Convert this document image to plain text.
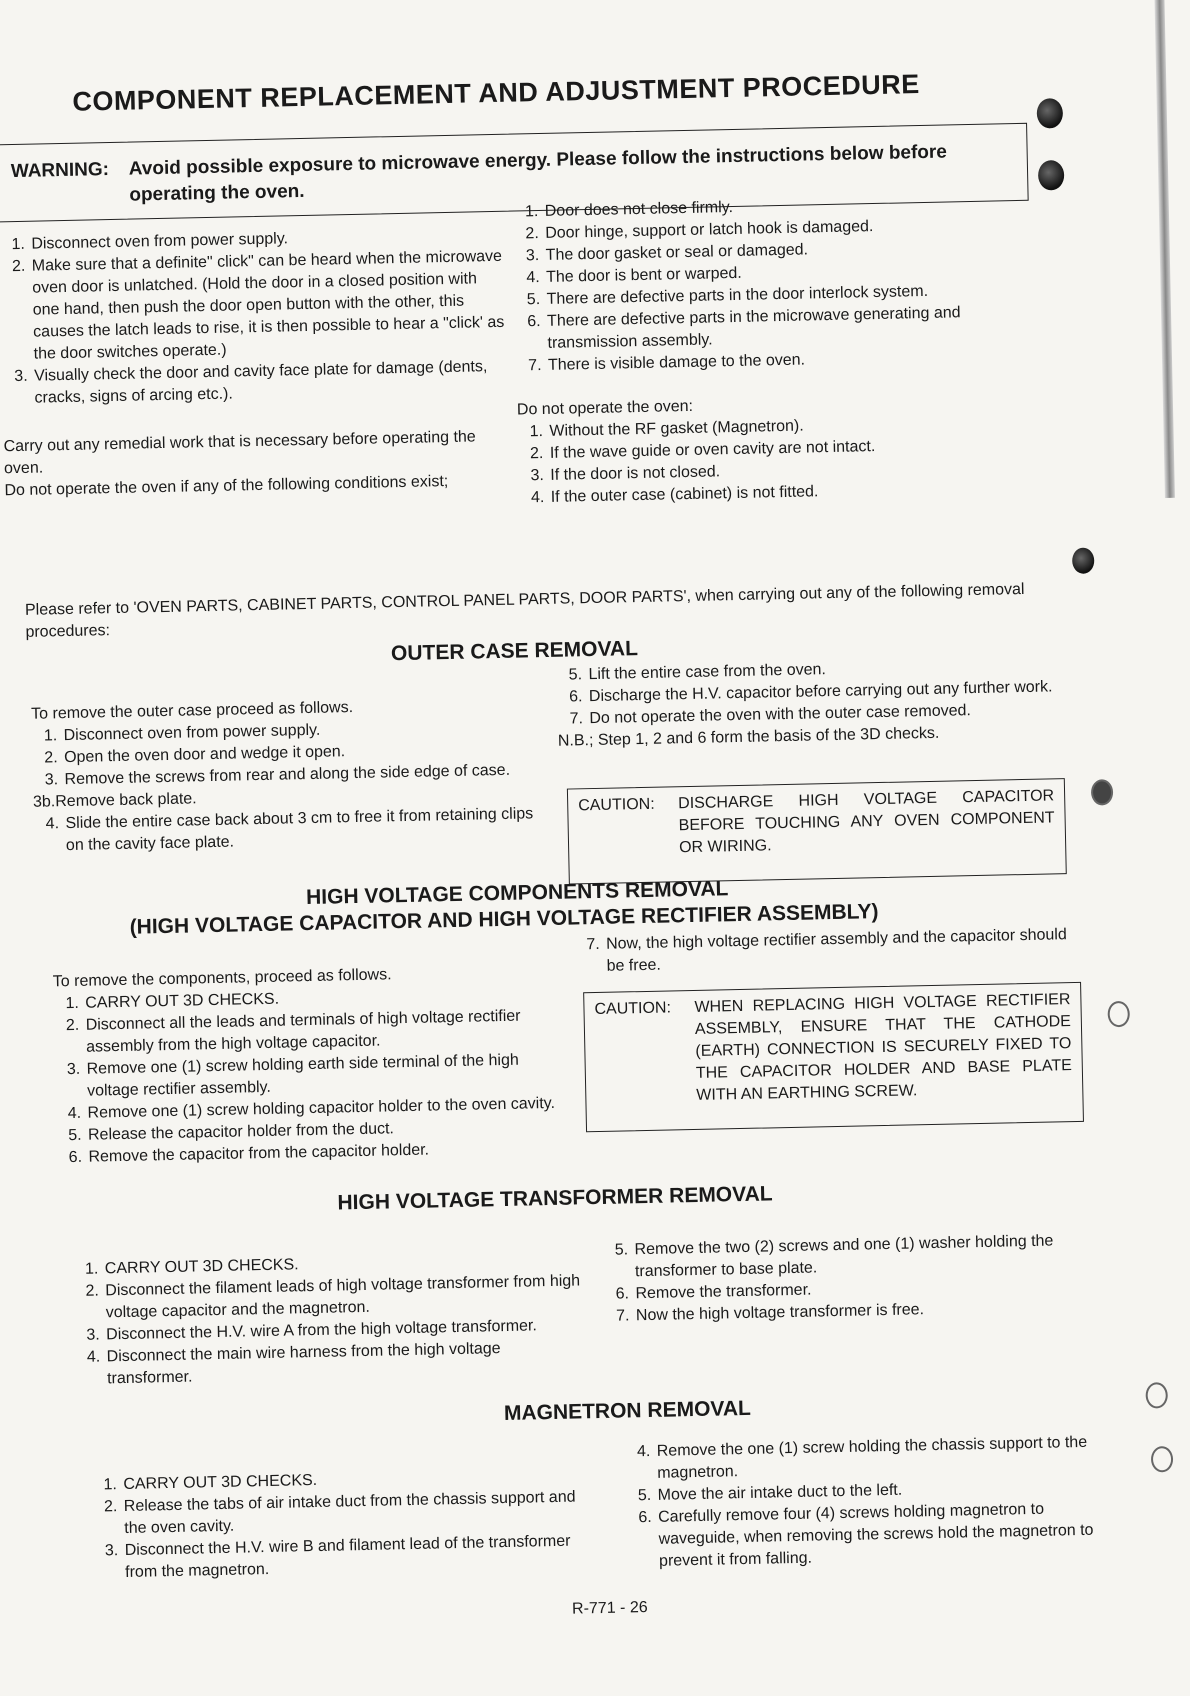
COMPONENT REPLACEMENT AND ADJUSTMENT PROCEDURE
WARNING: Avoid possible exposure to microwave energy. Please follow the instructions below before operating the oven.
1. Disconnect oven from power supply.
2. Make sure that a definite" click" can be heard when the microwave oven door is unlatched. (Hold the door in a closed position with one hand, then push the door open button with the other, this causes the latch leads to rise, it is then possible to hear a "click' as the door switches operate.)
3. Visually check the door and cavity face plate for damage (dents, cracks, signs of arcing etc.).

Carry out any remedial work that is necessary before operating the oven.

Do not operate the oven if any of the following conditions exist;

1. Door does not close firmly.
2. Door hinge, support or latch hook is damaged.
3. The door gasket or seal or damaged.
4. The door is bent or warped.
5. There are defective parts in the door interlock system.
6. There are defective parts in the microwave generating and transmission assembly.
7. There is visible damage to the oven.

Do not operate the oven:

1. Without the RF gasket (Magnetron).
2. If the wave guide or oven cavity are not intact.
3. If the door is not closed.
4. If the outer case (cabinet) is not fitted.

Please refer to 'OVEN PARTS, CABINET PARTS, CONTROL PANEL PARTS, DOOR PARTS', when carrying out any of the following removal procedures:

OUTER CASE REMOVAL

To remove the outer case proceed as follows.

1. Disconnect oven from power supply.
2. Open the oven door and wedge it open.
3. Remove the screws from rear and along the side edge of case.

3b.Remove back plate.

4. Slide the entire case back about 3 cm to free it from retaining clips on the cavity face plate.
5. Lift the entire case from the oven.
6. Discharge the H.V. capacitor before carrying out any further work.
7. Do not operate the oven with the outer case removed.

N.B.; Step 1, 2 and 6 form the basis of the 3D checks.

CAUTION: DISCHARGE HIGH VOLTAGE CAPACITOR BEFORE TOUCHING ANY OVEN COMPONENT OR WIRING.
HIGH VOLTAGE COMPONENTS REMOVAL
(HIGH VOLTAGE CAPACITOR AND HIGH VOLTAGE RECTIFIER ASSEMBLY)

To remove the components, proceed as follows.

1. CARRY OUT 3D CHECKS.
2. Disconnect all the leads and terminals of high voltage rectifier assembly from the high voltage capacitor.
3. Remove one (1) screw holding earth side terminal of the high voltage rectifier assembly.
4. Remove one (1) screw holding capacitor holder to the oven cavity.
5. Release the capacitor holder from the duct.
6. Remove the capacitor from the capacitor holder.
7. Now, the high voltage rectifier assembly and the capacitor should be free.
CAUTION: WHEN REPLACING HIGH VOLTAGE RECTIFIER ASSEMBLY, ENSURE THAT THE CATHODE (EARTH) CONNECTION IS SECURELY FIXED TO THE CAPACITOR HOLDER AND BASE PLATE WITH AN EARTHING SCREW.
HIGH VOLTAGE TRANSFORMER REMOVAL
1. CARRY OUT 3D CHECKS.
2. Disconnect the filament leads of high voltage transformer from high voltage capacitor and the magnetron.
3. Disconnect the H.V. wire A from the high voltage transformer.
4. Disconnect the main wire harness from the high voltage transformer.
5. Remove the two (2) screws and one (1) washer holding the transformer to base plate.
6. Remove the transformer.
7. Now the high voltage transformer is free.
MAGNETRON REMOVAL
1. CARRY OUT 3D CHECKS.
2. Release the tabs of air intake duct from the chassis support and the oven cavity.
3. Disconnect the H.V. wire B and filament lead of the transformer from the magnetron.
4. Remove the one (1) screw holding the chassis support to the magnetron.
5. Move the air intake duct to the left.
6. Carefully remove four (4) screws holding magnetron to waveguide, when removing the screws hold the magnetron to prevent it from falling.
R-771 - 26
